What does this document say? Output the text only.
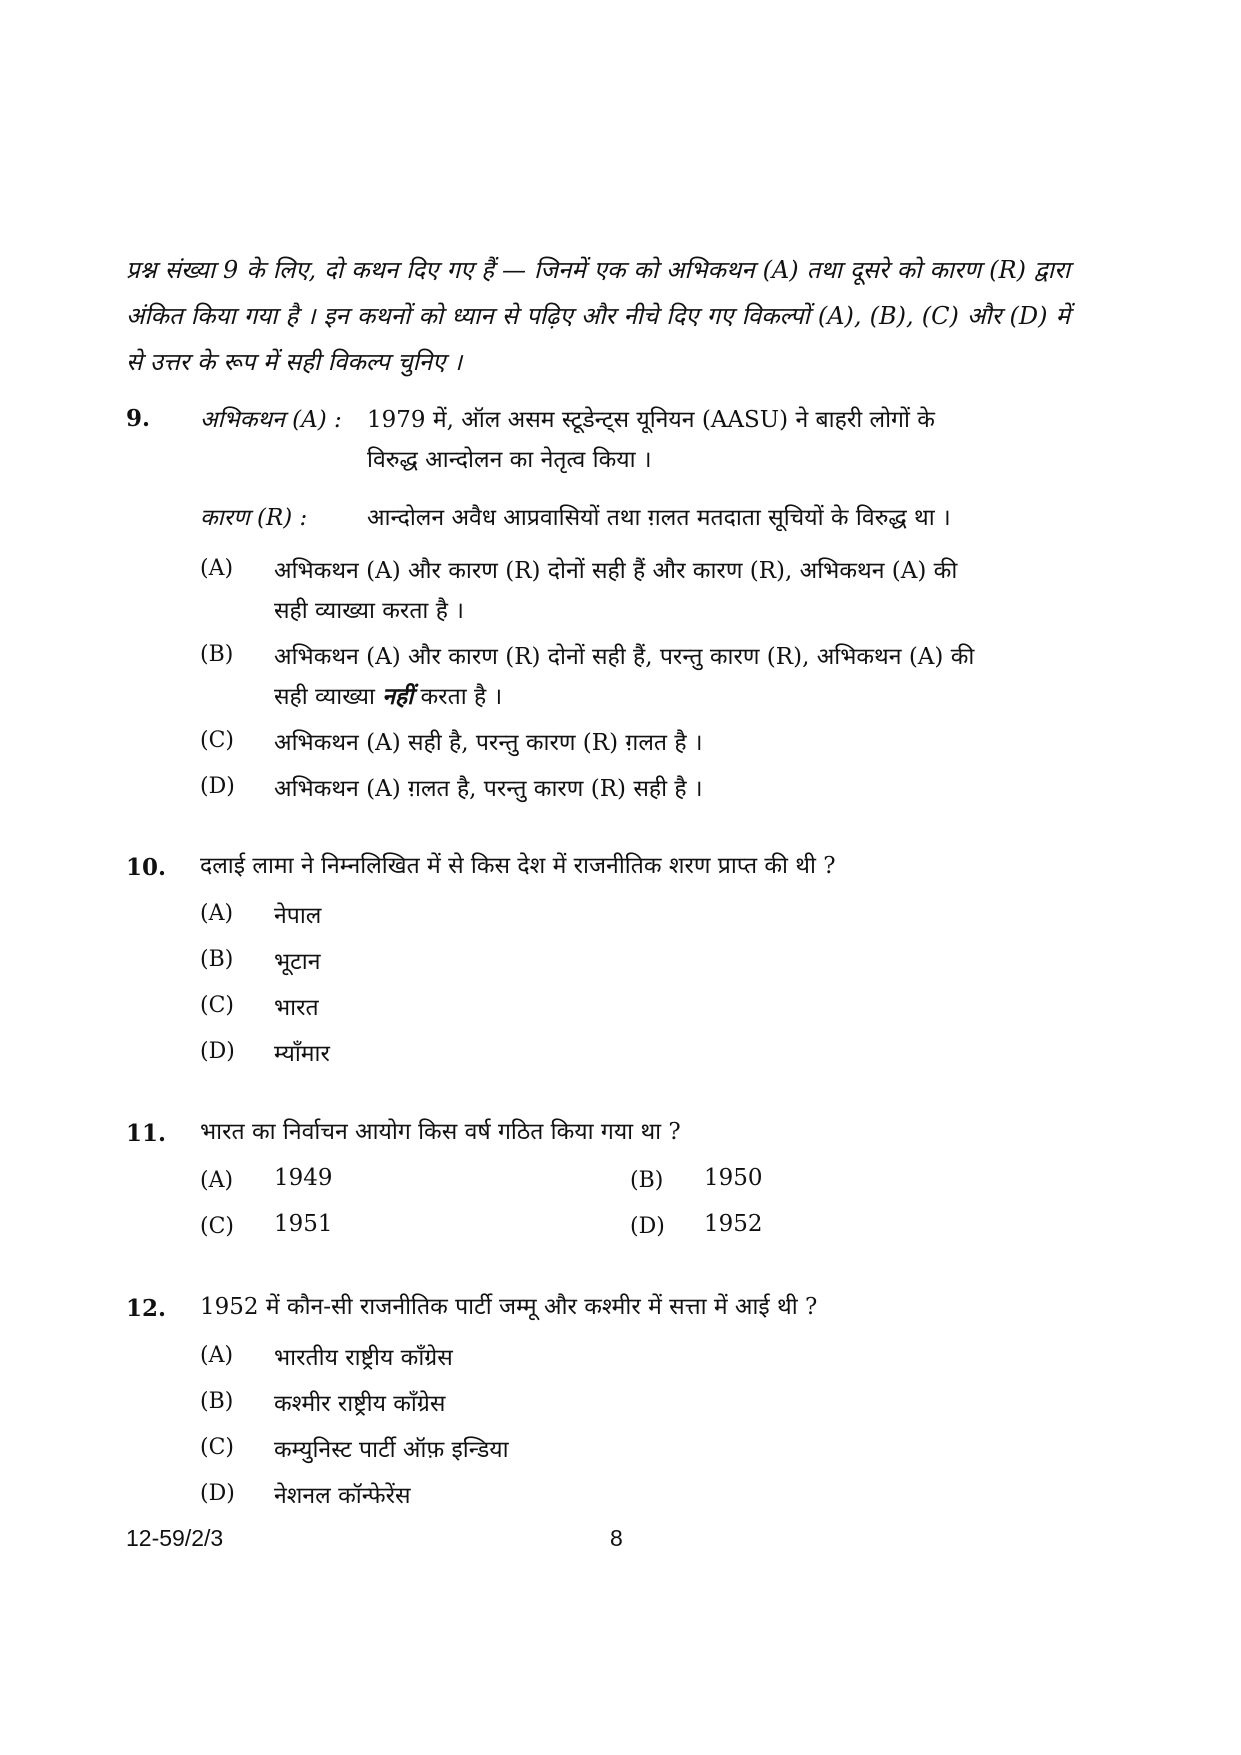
प्रश्न संख्या 9 के लिए, दो कथन दिए गए हैं — जिनमें एक को अभिकथन (A) तथा दूसरे को कारण (R) द्वारा अंकित किया गया है । इन कथनों को ध्यान से पढ़िए और नीचे दिए गए विकल्पों (A), (B), (C) और (D) में से उत्तर के रूप में सही विकल्प चुनिए ।

9. अभिकथन (A) : 1979 में, ऑल असम स्टूडेन्ट्स यूनियन (AASU) ने बाहरी लोगों के
विरुद्ध आन्दोलन का नेतृत्व किया ।
कारण (R) :	आन्दोलन अवैध आप्रवासियों तथा ग़लत मतदाता सूचियों के विरुद्ध था ।
(A) अभिकथन (A) और कारण (R) दोनों सही हैं और कारण (R), अभिकथन (A) की
सही व्याख्या करता है ।
(B) अभिकथन (A) और कारण (R) दोनों सही हैं, परन्तु कारण (R), अभिकथन (A) की
सही व्याख्या नहीं करता है ।
(C) अभिकथन (A) सही है, परन्तु कारण (R) ग़लत है ।
(D) अभिकथन (A) ग़लत है, परन्तु कारण (R) सही है ।
10. दलाई लामा ने निम्नलिखित में से किस देश में राजनीतिक शरण प्राप्त की थी ?
(A) नेपाल
(B) भूटान
(C) भारत
(D) म्याँमार
11. भारत का निर्वाचन आयोग किस वर्ष गठित किया गया था ?
(A) 1949	(B) 1950
(C) 1951	(D) 1952
12. 1952 में कौन-सी राजनीतिक पार्टी जम्मू और कश्मीर में सत्ता में आई थी ?
(A) भारतीय राष्ट्रीय काँग्रेस
(B) कश्मीर राष्ट्रीय काँग्रेस
(C) कम्युनिस्ट पार्टी ऑफ़ इन्डिया
(D) नेशनल कॉन्फेरेंस
12-59/2/3	8
